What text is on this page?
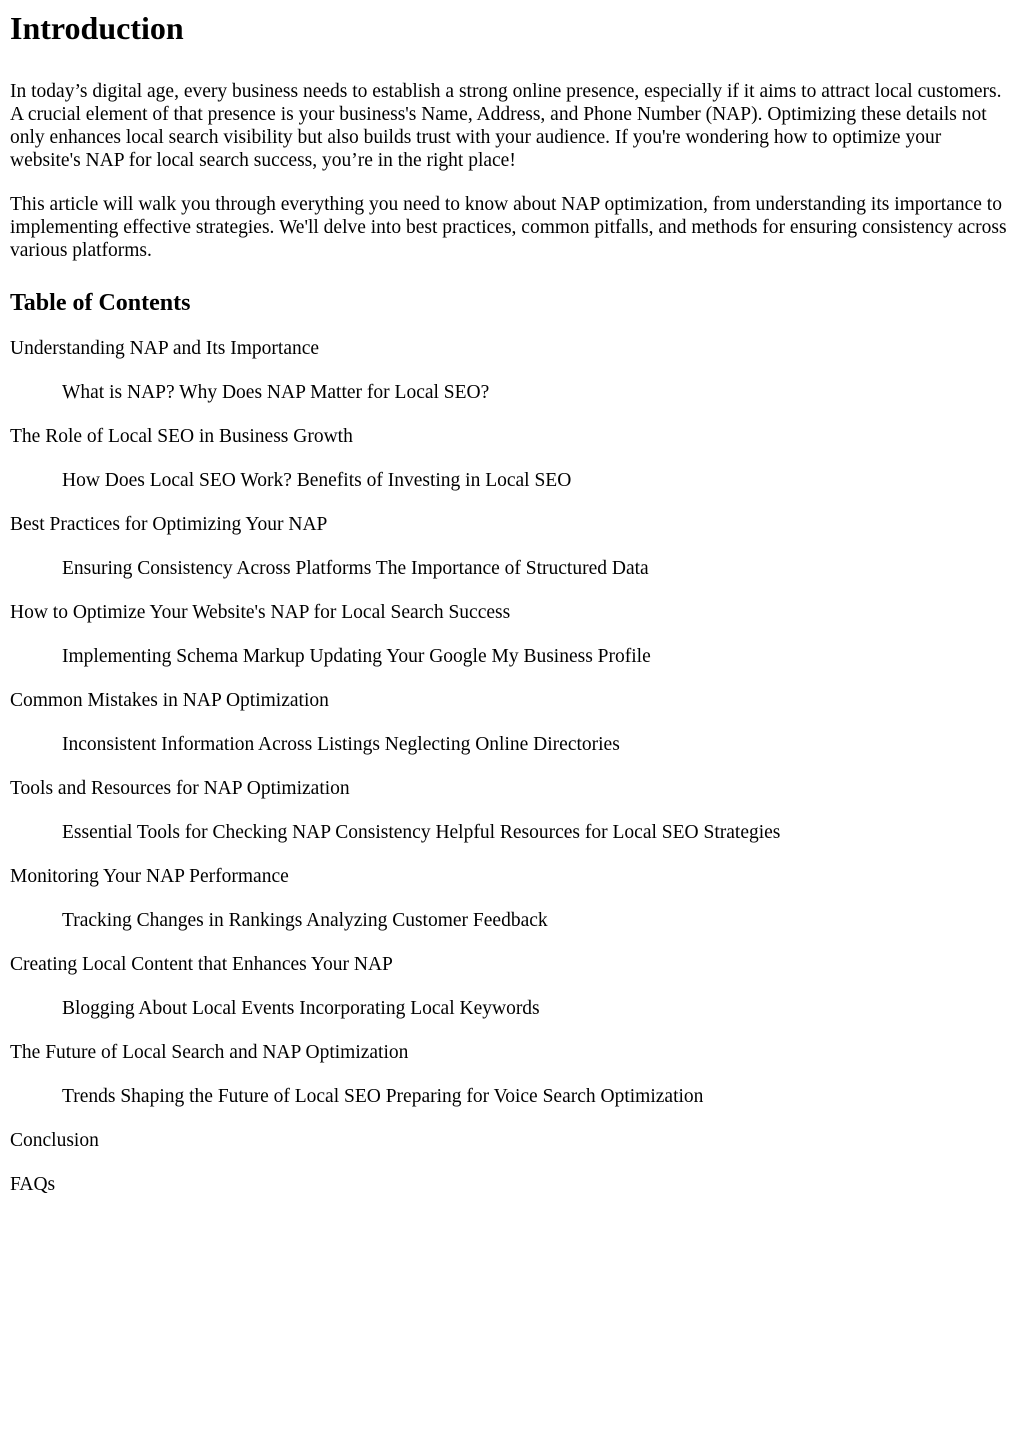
Introduction

In today’s digital age, every business needs to establish a strong online presence, especially if it aims to attract local customers. A crucial element of that presence is your business's Name, Address, and Phone Number (NAP). Optimizing these details not only enhances local search visibility but also builds trust with your audience. If you're wondering how to optimize your website's NAP for local search success, you’re in the right place!

This article will walk you through everything you need to know about NAP optimization, from understanding its importance to implementing effective strategies. We'll delve into best practices, common pitfalls, and methods for ensuring consistency across various platforms.

Table of Contents
Understanding NAP and Its Importance
What is NAP? Why Does NAP Matter for Local SEO?
The Role of Local SEO in Business Growth
How Does Local SEO Work? Benefits of Investing in Local SEO
Best Practices for Optimizing Your NAP
Ensuring Consistency Across Platforms The Importance of Structured Data
How to Optimize Your Website's NAP for Local Search Success
Implementing Schema Markup Updating Your Google My Business Profile
Common Mistakes in NAP Optimization
Inconsistent Information Across Listings Neglecting Online Directories
Tools and Resources for NAP Optimization
Essential Tools for Checking NAP Consistency Helpful Resources for Local SEO Strategies
Monitoring Your NAP Performance
Tracking Changes in Rankings Analyzing Customer Feedback
Creating Local Content that Enhances Your NAP
Blogging About Local Events Incorporating Local Keywords
The Future of Local Search and NAP Optimization
Trends Shaping the Future of Local SEO Preparing for Voice Search Optimization
Conclusion
FAQs
